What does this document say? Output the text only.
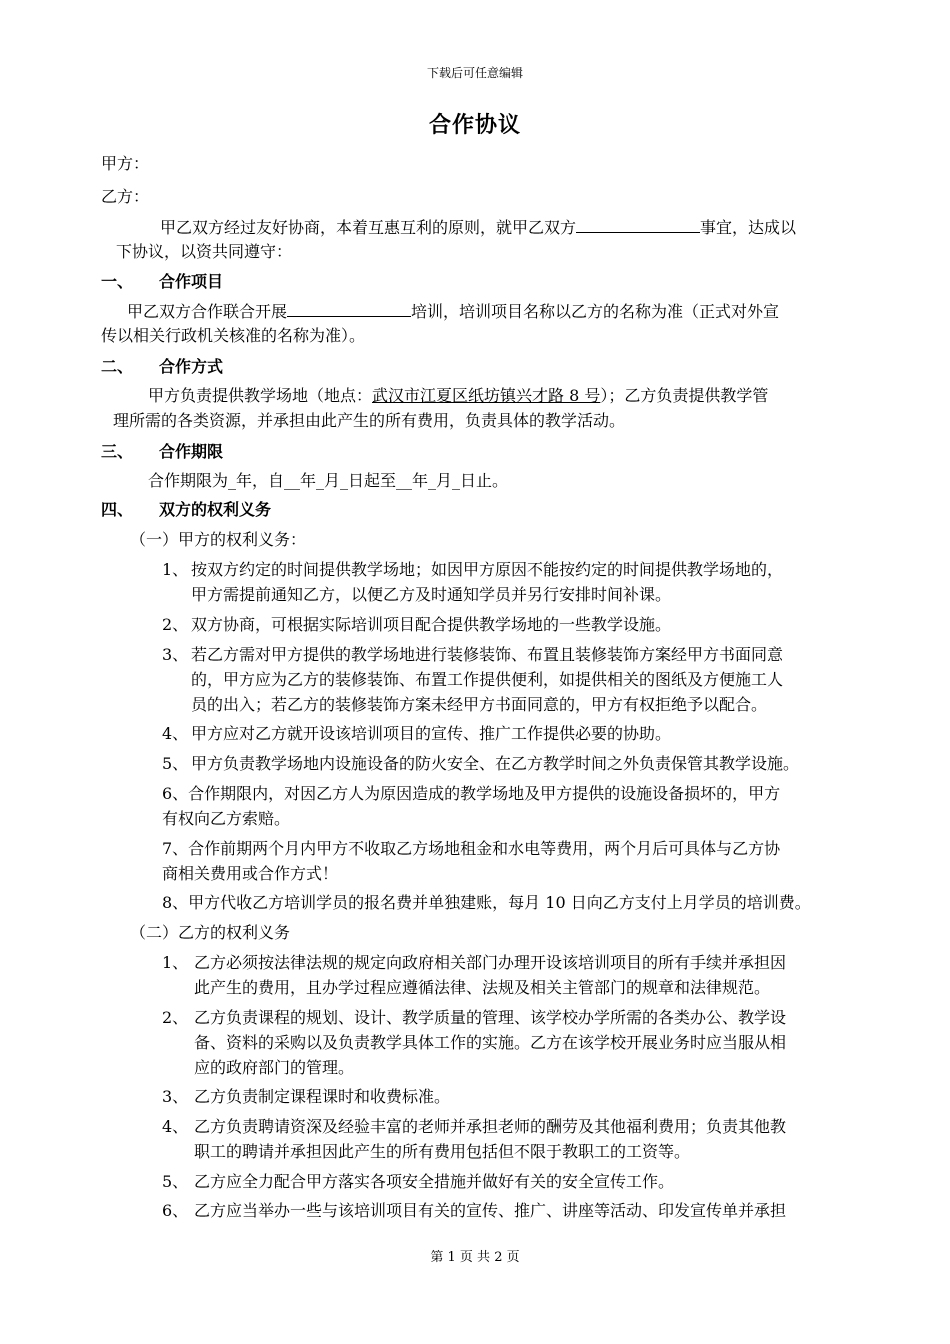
下载后可任意编辑
合作协议
甲方：
乙方：
甲乙双方经过友好协商，本着互惠互利的原则，就甲乙双方	事宜，达成以
下协议，以资共同遵守：
一、 合作项目
甲乙双方合作联合开展	培训，培训项目名称以乙方的名称为准（正式对外宣
传以相关行政机关核准的名称为准）。
二、 合作方式
甲方负责提供教学场地（地点：武汉市江夏区纸坊镇兴才路 8 号）；乙方负责提供教学管
理所需的各类资源，并承担由此产生的所有费用，负责具体的教学活动。
三、 合作期限
合作期限为_年，自__年_月_日起至__年_月_日止。
四、 双方的权利义务
（一）甲方的权利义务：
1、 按双方约定的时间提供教学场地；如因甲方原因不能按约定的时间提供教学场地的，
甲方需提前通知乙方，以便乙方及时通知学员并另行安排时间补课。
2、 双方协商，可根据实际培训项目配合提供教学场地的一些教学设施。
3、 若乙方需对甲方提供的教学场地进行装修装饰、布置且装修装饰方案经甲方书面同意
的，甲方应为乙方的装修装饰、布置工作提供便利，如提供相关的图纸及方便施工人
员的出入；若乙方的装修装饰方案未经甲方书面同意的，甲方有权拒绝予以配合。
4、 甲方应对乙方就开设该培训项目的宣传、推广工作提供必要的协助。
5、 甲方负责教学场地内设施设备的防火安全、在乙方教学时间之外负责保管其教学设施。
6、合作期限内，对因乙方人为原因造成的教学场地及甲方提供的设施设备损坏的，甲方
有权向乙方索赔。
7、合作前期两个月内甲方不收取乙方场地租金和水电等费用，两个月后可具体与乙方协
商相关费用或合作方式！
8、甲方代收乙方培训学员的报名费并单独建账，每月 10 日向乙方支付上月学员的培训费。
（二）乙方的权利义务
1、 乙方必须按法律法规的规定向政府相关部门办理开设该培训项目的所有手续并承担因
此产生的费用，且办学过程应遵循法律、法规及相关主管部门的规章和法律规范。
2、 乙方负责课程的规划、设计、教学质量的管理、该学校办学所需的各类办公、教学设
备、资料的采购以及负责教学具体工作的实施。乙方在该学校开展业务时应当服从相
应的政府部门的管理。
3、 乙方负责制定课程课时和收费标准。
4、 乙方负责聘请资深及经验丰富的老师并承担老师的酬劳及其他福利费用；负责其他教
职工的聘请并承担因此产生的所有费用包括但不限于教职工的工资等。
5、 乙方应全力配合甲方落实各项安全措施并做好有关的安全宣传工作。
6、 乙方应当举办一些与该培训项目有关的宣传、推广、讲座等活动、印发宣传单并承担
第 1 页 共 2 页
